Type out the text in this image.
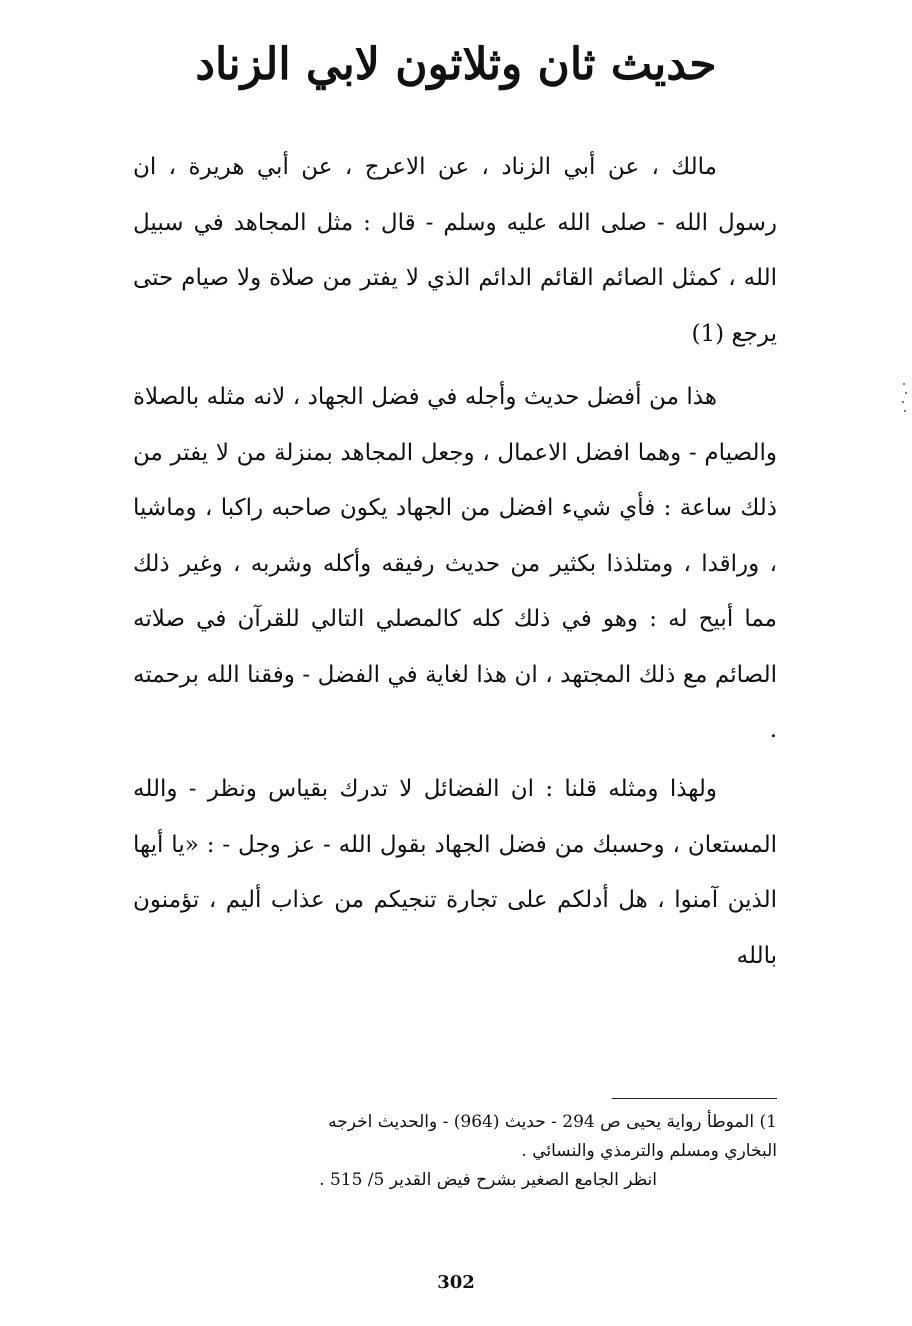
حديث ثان وثلاثون لابي الزناد

مالك ، عن أبي الزناد ، عن الاعرج ، عن أبي هريرة ، ان رسول الله - صلى الله عليه وسلم - قال : مثل المجاهد في سبيل الله ، كمثل الصائم القائم الدائم الذي لا يفتر من صلاة ولا صيام حتى يرجع (1)

هذا من أفضل حديث وأجله في فضل الجهاد ، لانه مثله بالصلاة والصيام - وهما افضل الاعمال ، وجعل المجاهد بمنزلة من لا يفتر من ذلك ساعة : فأي شيء افضل من الجهاد يكون صاحبه راكبا ، وماشيا ، وراقدا ، ومتلذذا بكثير من حديث رفيقه وأكله وشربه ، وغير ذلك مما أبيح له : وهو في ذلك كله كالمصلي التالي للقرآن في صلاته الصائم مع ذلك المجتهد ، ان هذا لغاية في الفضل - وفقنا الله برحمته .

ولهذا ومثله قلنا : ان الفضائل لا تدرك بقياس ونظر - والله المستعان ، وحسبك من فضل الجهاد بقول الله - عز وجل - : «يا أيها الذين آمنوا ، هل أدلكم على تجارة تنجيكم من عذاب أليم ، تؤمنون بالله

1) الموطأ رواية يحيى ص 294 - حديث (964) - والحديث اخرجه
البخاري ومسلم والترمذي والنسائي .
انظر الجامع الصغير بشرح فيض القدير 5/ 515 .

302
